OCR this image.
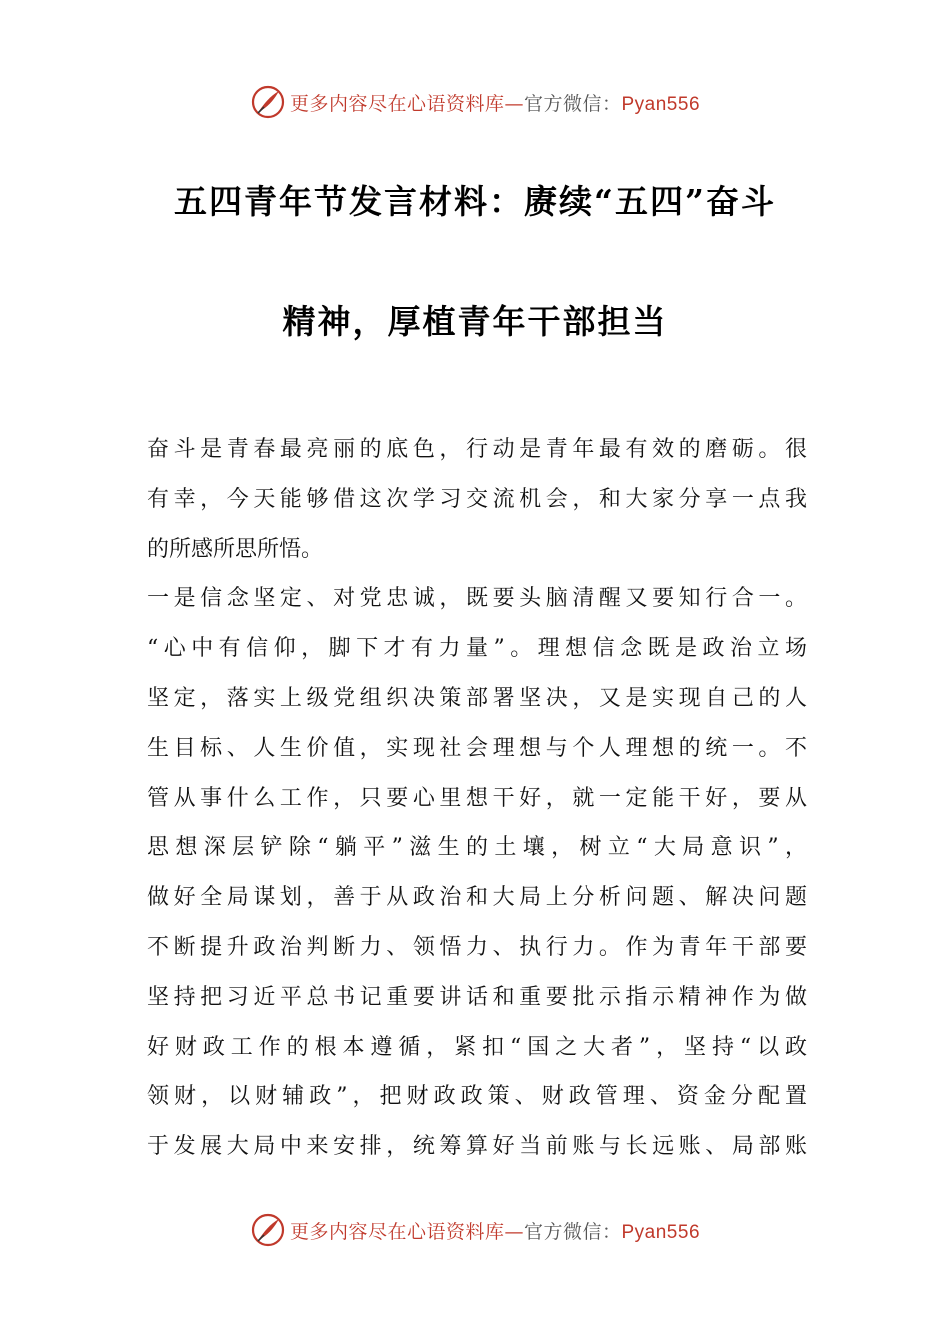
更多内容尽在心语资料库—官方微信：Pyan556
五四青年节发言材料：赓续“五四”奋斗
精神，厚植青年干部担当
奋斗是青春最亮丽的底色，行动是青年最有效的磨砺。很
有幸，今天能够借这次学习交流机会，和大家分享一点我
的所感所思所悟。
一是信念坚定、对党忠诚，既要头脑清醒又要知行合一。
“心中有信仰，脚下才有力量”。理想信念既是政治立场
坚定，落实上级党组织决策部署坚决，又是实现自己的人
生目标、人生价值，实现社会理想与个人理想的统一。不
管从事什么工作，只要心里想干好，就一定能干好，要从
思想深层铲除“躺平”滋生的土壤，树立“大局意识”，
做好全局谋划，善于从政治和大局上分析问题、解决问题
不断提升政治判断力、领悟力、执行力。作为青年干部要
坚持把习近平总书记重要讲话和重要批示指示精神作为做
好财政工作的根本遵循，紧扣“国之大者”，坚持“以政
领财，以财辅政”，把财政政策、财政管理、资金分配置
于发展大局中来安排，统筹算好当前账与长远账、局部账
更多内容尽在心语资料库—官方微信：Pyan556
